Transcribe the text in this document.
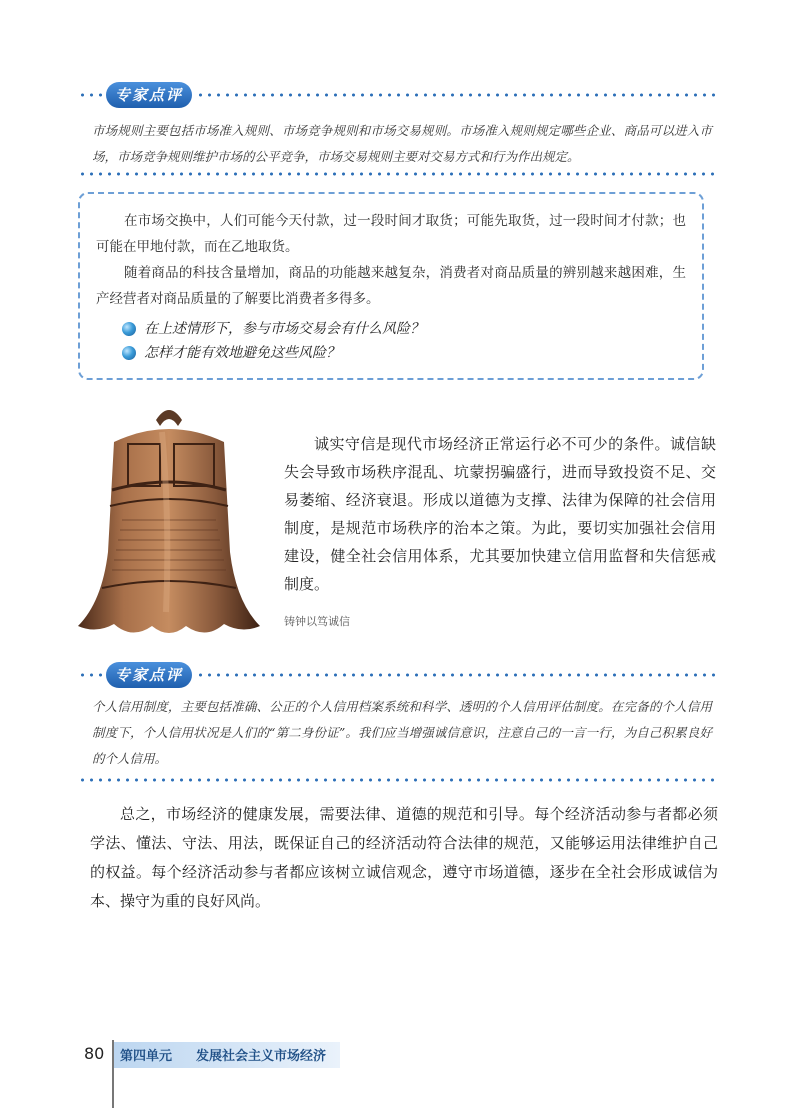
专家点评
市场规则主要包括市场准入规则、市场竞争规则和市场交易规则。市场准入规则规定哪些企业、商品可以进入市场，市场竞争规则维护市场的公平竞争，市场交易规则主要对交易方式和行为作出规定。

在市场交换中，人们可能今天付款，过一段时间才取货；可能先取货，过一段时间才付款；也可能在甲地付款，而在乙地取货。

随着商品的科技含量增加，商品的功能越来越复杂，消费者对商品质量的辨别越来越困难，生产经营者对商品质量的了解要比消费者多得多。

在上述情形下，参与市场交易会有什么风险？
怎样才能有效地避免这些风险？

诚实守信是现代市场经济正常运行必不可少的条件。诚信缺失会导致市场秩序混乱、坑蒙拐骗盛行，进而导致投资不足、交易萎缩、经济衰退。形成以道德为支撑、法律为保障的社会信用制度，是规范市场秩序的治本之策。为此，要切实加强社会信用建设，健全社会信用体系，尤其要加快建立信用监督和失信惩戒制度。

铸钟以笃诚信
专家点评
个人信用制度，主要包括准确、公正的个人信用档案系统和科学、透明的个人信用评估制度。在完备的个人信用制度下，个人信用状况是人们的“第二身份证”。我们应当增强诚信意识，注意自己的一言一行，为自己积累良好的个人信用。

总之，市场经济的健康发展，需要法律、道德的规范和引导。每个经济活动参与者都必须学法、懂法、守法、用法，既保证自己的经济活动符合法律的规范，又能够运用法律维护自己的权益。每个经济活动参与者都应该树立诚信观念，遵守市场道德，逐步在全社会形成诚信为本、操守为重的良好风尚。

80 第四单元 发展社会主义市场经济
